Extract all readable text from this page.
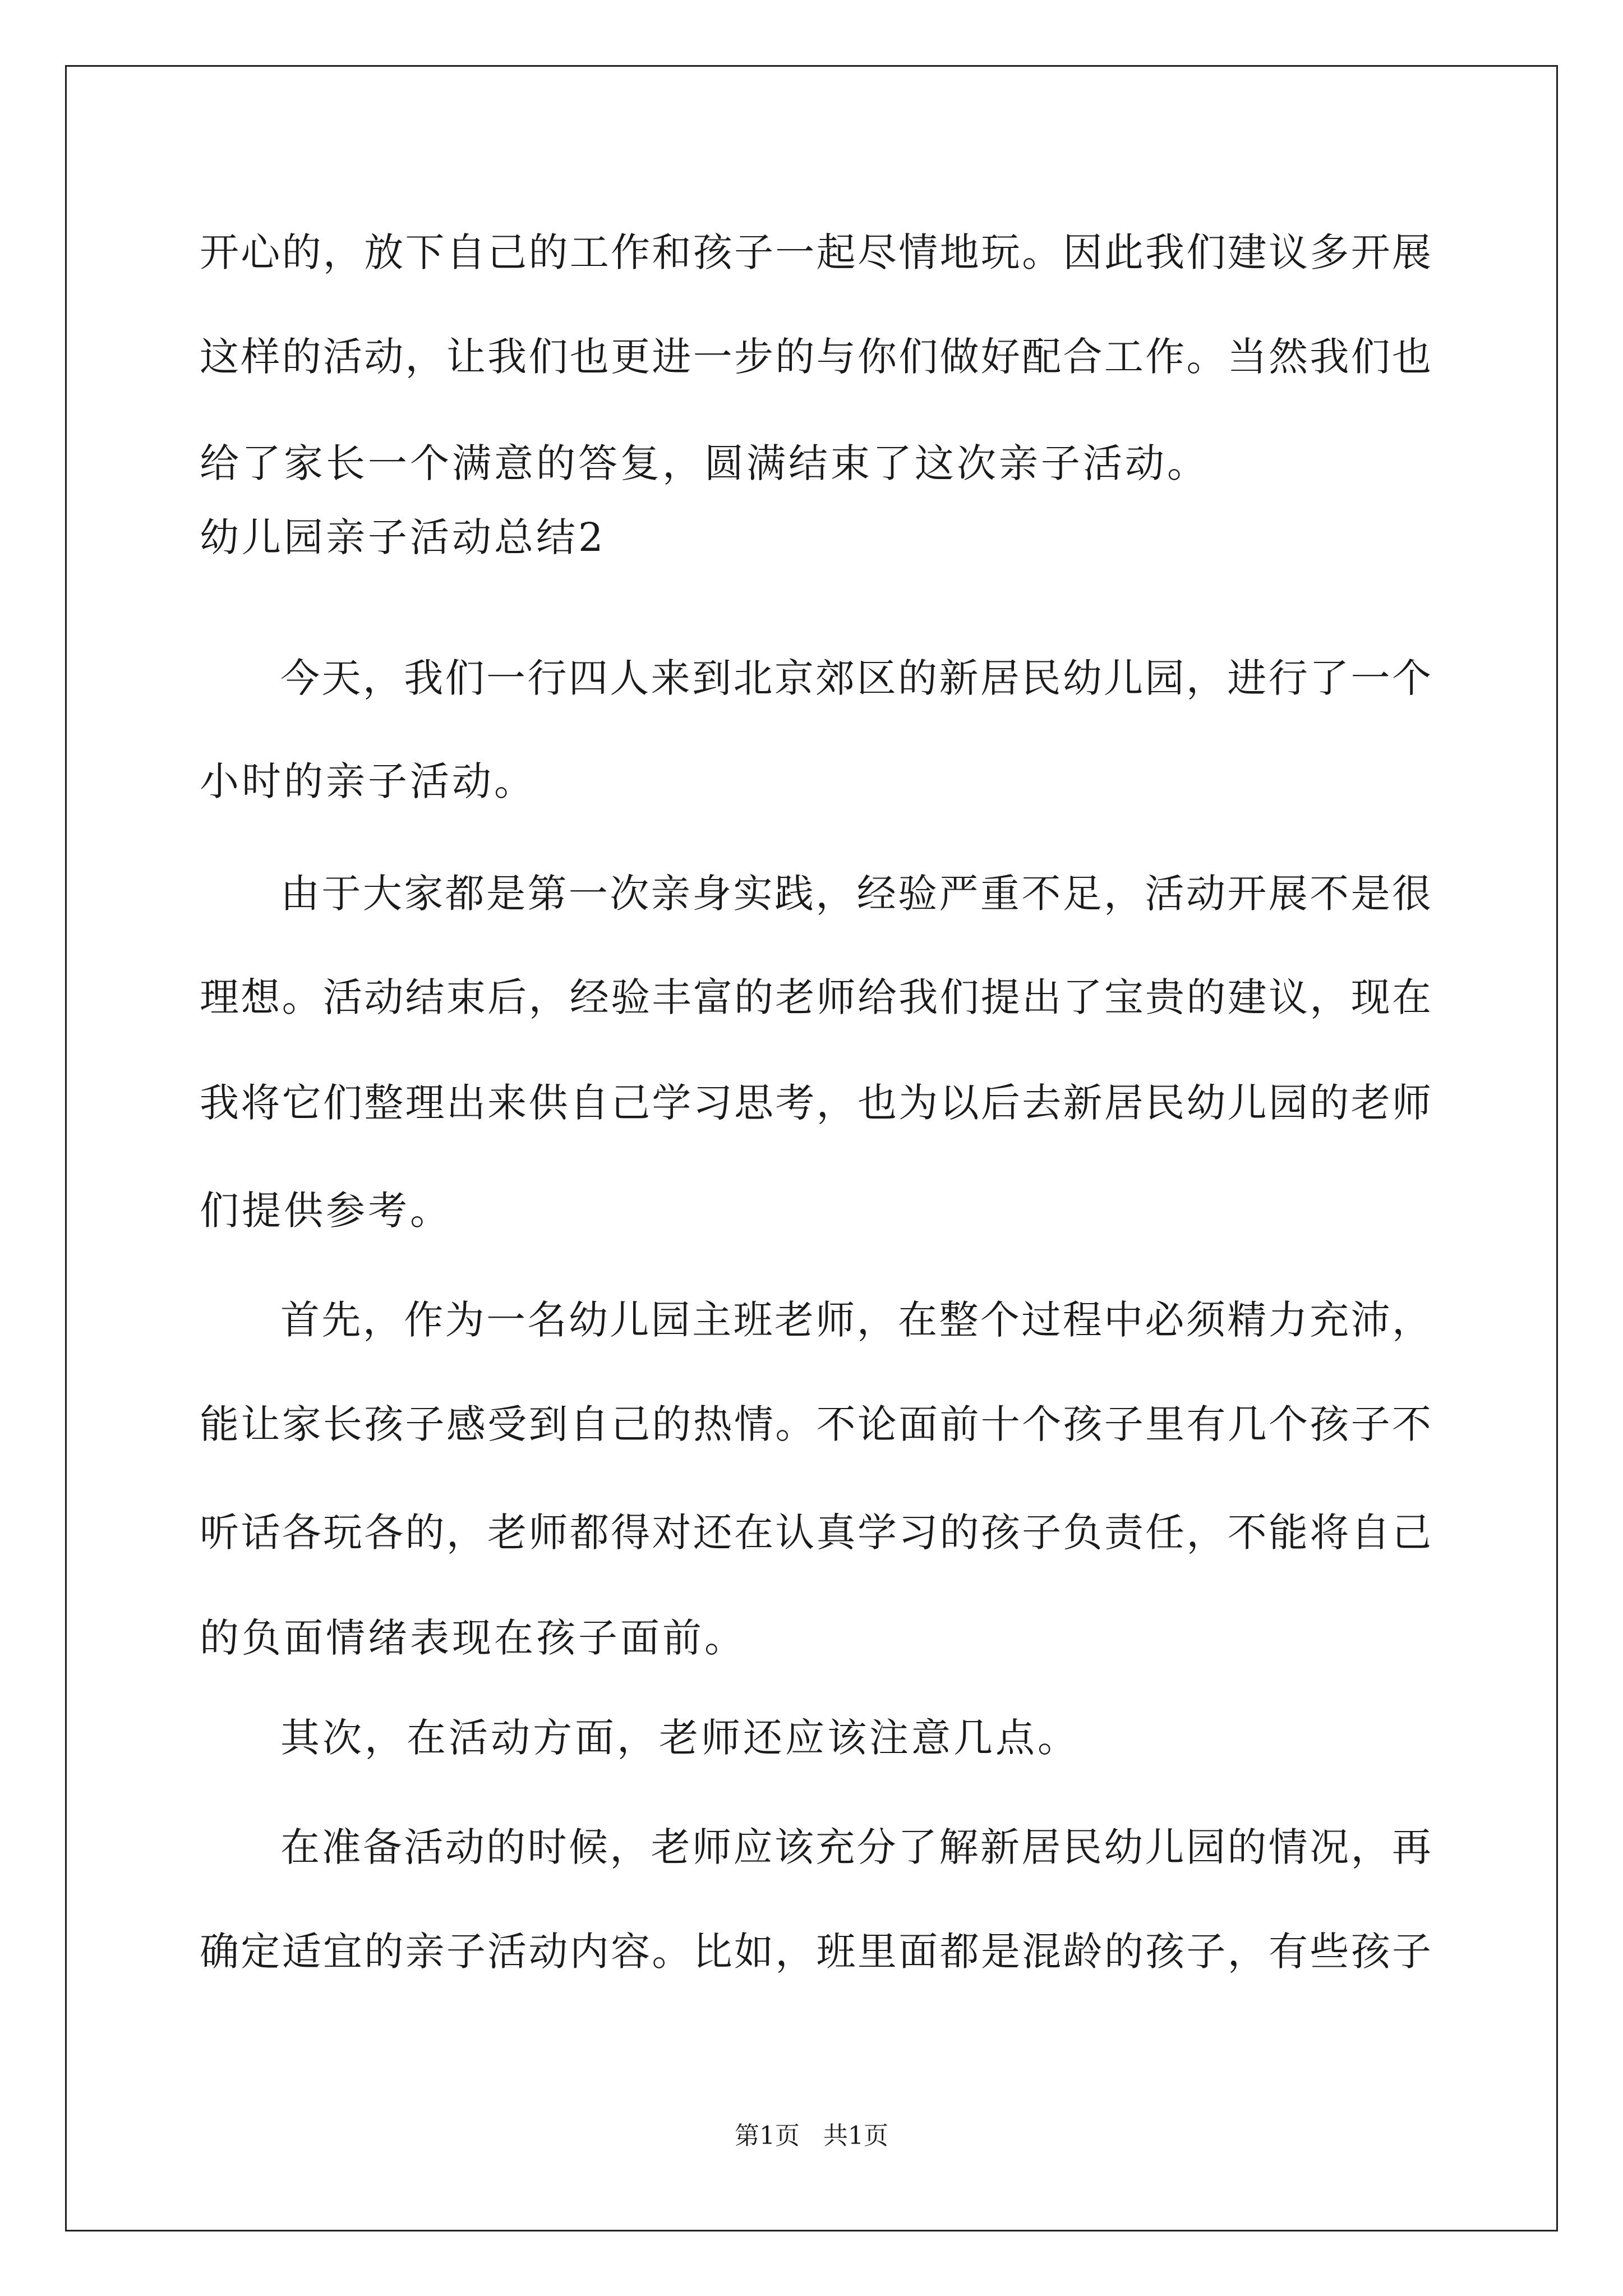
开心的，放下自己的工作和孩子一起尽情地玩。因此我们建议多开展
这样的活动，让我们也更进一步的与你们做好配合工作。当然我们也
给了家长一个满意的答复，圆满结束了这次亲子活动。
幼儿园亲子活动总结2
今天，我们一行四人来到北京郊区的新居民幼儿园，进行了一个
小时的亲子活动。
由于大家都是第一次亲身实践，经验严重不足，活动开展不是很
理想。活动结束后，经验丰富的老师给我们提出了宝贵的建议，现在
我将它们整理出来供自己学习思考，也为以后去新居民幼儿园的老师
们提供参考。
首先，作为一名幼儿园主班老师，在整个过程中必须精力充沛，
能让家长孩子感受到自己的热情。不论面前十个孩子里有几个孩子不
听话各玩各的，老师都得对还在认真学习的孩子负责任，不能将自己
的负面情绪表现在孩子面前。
其次，在活动方面，老师还应该注意几点。
在准备活动的时候，老师应该充分了解新居民幼儿园的情况，再
确定适宜的亲子活动内容。比如，班里面都是混龄的孩子，有些孩子
第1页   共1页
